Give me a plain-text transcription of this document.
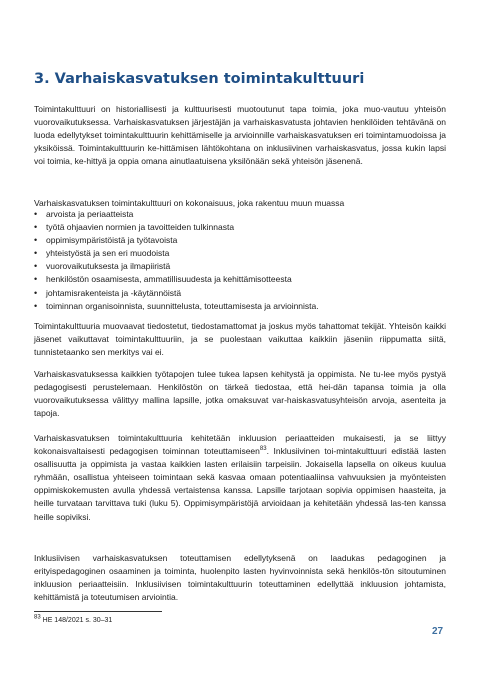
3. Varhaiskasvatuksen toimintakulttuuri

Toimintakulttuuri on historiallisesti ja kulttuurisesti muotoutunut tapa toimia, joka muo-vautuu yhteisön vuorovaikutuksessa. Varhaiskasvatuksen järjestäjän ja varhaiskasvatusta johtavien henkilöiden tehtävänä on luoda edellytykset toimintakulttuurin kehittämiselle ja arvioinnille varhaiskasvatuksen eri toimintamuodoissa ja yksiköissä. Toimintakulttuurin ke-hittämisen lähtökohtana on inklusiivinen varhaiskasvatus, jossa kukin lapsi voi toimia, ke-hittyä ja oppia omana ainutlaatuisena yksilönään sekä yhteisön jäsenenä.

Varhaiskasvatuksen toimintakulttuuri on kokonaisuus, joka rakentuu muun muassa

• arvoista ja periaatteista
• työtä ohjaavien normien ja tavoitteiden tulkinnasta
• oppimisympäristöistä ja työtavoista
• yhteistyöstä ja sen eri muodoista
• vuorovaikutuksesta ja ilmapiiristä
• henkilöstön osaamisesta, ammatillisuudesta ja kehittämisotteesta
• johtamisrakenteista ja -käytännöistä
• toiminnan organisoinnista, suunnittelusta, toteuttamisesta ja arvioinnista.

Toimintakulttuuria muovaavat tiedostetut, tiedostamattomat ja joskus myös tahattomat tekijät. Yhteisön kaikki jäsenet vaikuttavat toimintakulttuuriin, ja se puolestaan vaikuttaa kaikkiin jäseniin riippumatta siitä, tunnistetaanko sen merkitys vai ei.

Varhaiskasvatuksessa kaikkien työtapojen tulee tukea lapsen kehitystä ja oppimista. Ne tu-lee myös pystyä pedagogisesti perustelemaan. Henkilöstön on tärkeä tiedostaa, että hei-dän tapansa toimia ja olla vuorovaikutuksessa välittyy mallina lapsille, jotka omaksuvat var-haiskasvatusyhteisön arvoja, asenteita ja tapoja.

Varhaiskasvatuksen toimintakulttuuria kehitetään inkluusion periaatteiden mukaisesti, ja se liittyy kokonaisvaltaisesti pedagogisen toiminnan toteuttamiseen$^{83}$. Inklusiivinen toi-mintakulttuuri edistää lasten osallisuutta ja oppimista ja vastaa kaikkien lasten erilaisiin tarpeisiin. Jokaisella lapsella on oikeus kuulua ryhmään, osallistua yhteiseen toimintaan sekä kasvaa omaan potentiaaliinsa vahvuuksien ja myönteisten oppimiskokemusten avulla yhdessä vertaistensa kanssa. Lapsille tarjotaan sopivia oppimisen haasteita, ja heille turvataan tarvittava tuki (luku 5). Oppimisympäristöjä arvioidaan ja kehitetään yhdessä las-ten kanssa heille sopiviksi.

Inklusiivisen varhaiskasvatuksen toteuttamisen edellytyksenä on laadukas pedagoginen ja erityispedagoginen osaaminen ja toiminta, huolenpito lasten hyvinvoinnista sekä henkilös-tön sitoutuminen inkluusion periaatteisiin. Inklusiivisen toimintakulttuurin toteuttaminen edellyttää inkluusion johtamista, kehittämistä ja toteutumisen arviointia.

$^{83}$ HE 148/2021 s. 30–31

27
